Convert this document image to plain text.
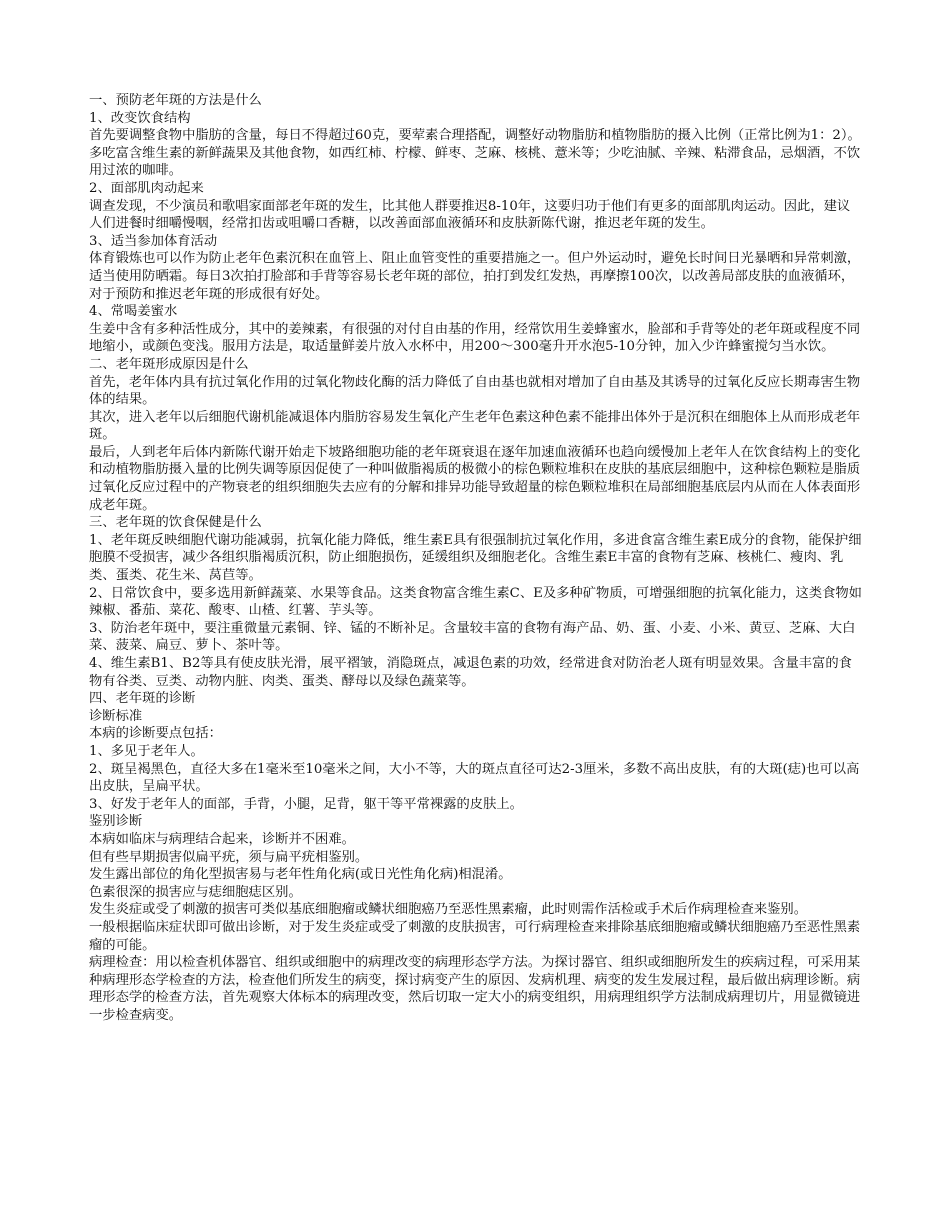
一、预防老年斑的方法是什么

1、改变饮食结构

首先要调整食物中脂肪的含量，每日不得超过60克，要荤素合理搭配，调整好动物脂肪和植物脂肪的摄入比例（正常比例为1：2）。多吃富含维生素的新鲜蔬果及其他食物，如西红柿、柠檬、鲜枣、芝麻、核桃、薏米等；少吃油腻、辛辣、粘滞食品，忌烟酒，不饮用过浓的咖啡。

2、面部肌肉动起来

调查发现，不少演员和歌唱家面部老年斑的发生，比其他人群要推迟8-10年，这要归功于他们有更多的面部肌肉运动。因此，建议人们进餐时细嚼慢咽，经常扣齿或咀嚼口香糖，以改善面部血液循环和皮肤新陈代谢，推迟老年斑的发生。

3、适当参加体育活动

体育锻炼也可以作为防止老年色素沉积在血管上、阻止血管变性的重要措施之一。但户外运动时，避免长时间日光暴晒和异常刺激，适当使用防晒霜。每日3次拍打脸部和手背等容易长老年斑的部位，拍打到发红发热，再摩擦100次，以改善局部皮肤的血液循环，对于预防和推迟老年斑的形成很有好处。

4、常喝姜蜜水

生姜中含有多种活性成分，其中的姜辣素，有很强的对付自由基的作用，经常饮用生姜蜂蜜水，脸部和手背等处的老年斑或程度不同地缩小，或颜色变浅。服用方法是，取适量鲜姜片放入水杯中，用200～300毫升开水泡5-10分钟，加入少许蜂蜜搅匀当水饮。

二、老年斑形成原因是什么

首先，老年体内具有抗过氧化作用的过氧化物歧化酶的活力降低了自由基也就相对增加了自由基及其诱导的过氧化反应长期毒害生物体的结果。

其次，进入老年以后细胞代谢机能减退体内脂肪容易发生氧化产生老年色素这种色素不能排出体外于是沉积在细胞体上从而形成老年斑。

最后，人到老年后体内新陈代谢开始走下坡路细胞功能的老年斑衰退在逐年加速血液循环也趋向缓慢加上老年人在饮食结构上的变化和动植物脂肪摄入量的比例失调等原因促使了一种叫做脂褐质的极微小的棕色颗粒堆积在皮肤的基底层细胞中，这种棕色颗粒是脂质过氧化反应过程中的产物衰老的组织细胞失去应有的分解和排异功能导致超量的棕色颗粒堆积在局部细胞基底层内从而在人体表面形成老年斑。

三、老年斑的饮食保健是什么

1、老年斑反映细胞代谢功能减弱，抗氧化能力降低，维生素E具有很强制抗过氧化作用，多进食富含维生素E成分的食物，能保护细胞膜不受损害，减少各组织脂褐质沉积，防止细胞损伤，延缓组织及细胞老化。含维生素E丰富的食物有芝麻、核桃仁、瘦肉、乳类、蛋类、花生米、莴苣等。

2、日常饮食中，要多选用新鲜蔬菜、水果等食品。这类食物富含维生素C、E及多种矿物质，可增强细胞的抗氧化能力，这类食物如辣椒、番茄、菜花、酸枣、山楂、红薯、芋头等。

3、防治老年斑中，要注重微量元素铜、锌、锰的不断补足。含量较丰富的食物有海产品、奶、蛋、小麦、小米、黄豆、芝麻、大白菜、菠菜、扁豆、萝卜、茶叶等。

4、维生素B1、B2等具有使皮肤光滑，展平褶皱，消隐斑点，减退色素的功效，经常进食对防治老人斑有明显效果。含量丰富的食物有谷类、豆类、动物内脏、肉类、蛋类、酵母以及绿色蔬菜等。

四、老年斑的诊断

诊断标准

本病的诊断要点包括：

1、多见于老年人。

2、斑呈褐黑色，直径大多在1毫米至10毫米之间，大小不等，大的斑点直径可达2-3厘米，多数不高出皮肤，有的大斑(痣)也可以高出皮肤，呈扁平状。

3、好发于老年人的面部，手背，小腿，足背，躯干等平常裸露的皮肤上。

鉴别诊断

本病如临床与病理结合起来，诊断并不困难。

但有些早期损害似扁平疣，须与扁平疣相鉴别。

发生露出部位的角化型损害易与老年性角化病(或日光性角化病)相混淆。

色素很深的损害应与痣细胞痣区别。

发生炎症或受了刺激的损害可类似基底细胞瘤或鳞状细胞癌乃至恶性黑素瘤，此时则需作活检或手术后作病理检查来鉴别。

一般根据临床症状即可做出诊断，对于发生炎症或受了刺激的皮肤损害，可行病理检查来排除基底细胞瘤或鳞状细胞癌乃至恶性黑素瘤的可能。

病理检查：用以检查机体器官、组织或细胞中的病理改变的病理形态学方法。为探讨器官、组织或细胞所发生的疾病过程，可采用某种病理形态学检查的方法，检查他们所发生的病变，探讨病变产生的原因、发病机理、病变的发生发展过程，最后做出病理诊断。病理形态学的检查方法，首先观察大体标本的病理改变，然后切取一定大小的病变组织，用病理组织学方法制成病理切片，用显微镜进一步检查病变。
